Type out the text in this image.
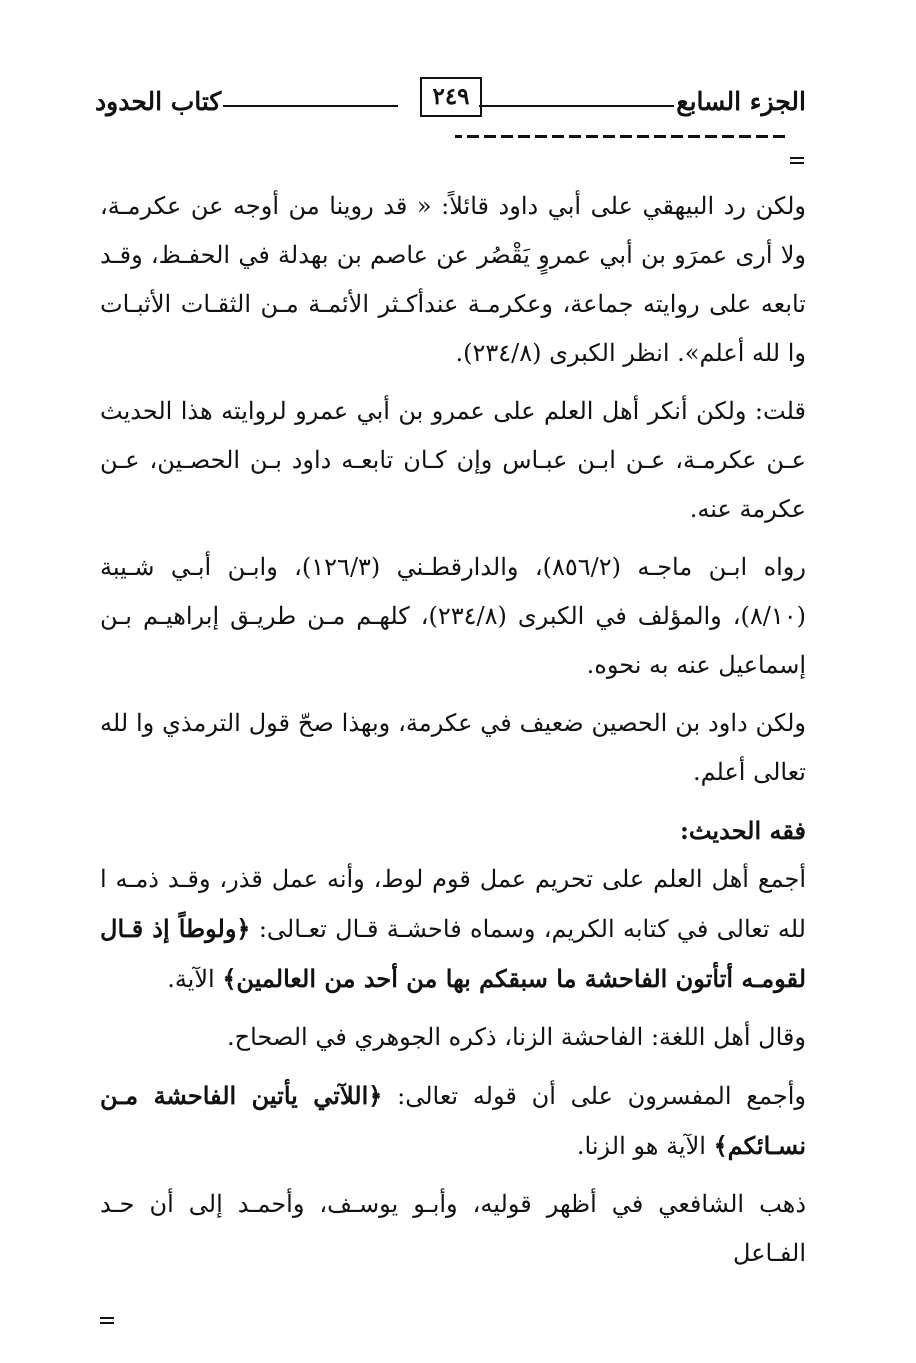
الجزء السابع
٢٤٩
كتاب الحدود

ولكن رد البيهقي على أبي داود قائلاً: « قد روينا من أوجه عن عكرمـة، ولا أرى عمرَو بن أبي عمروٍ يَقْصُر عن عاصم بن بهدلة في الحفـظ، وقـد تابعه على روايته جماعة، وعكرمـة عندأكـثر الأئمـة مـن الثقـات الأثبـات وا لله أعلم». انظر الكبرى (٢٣٤/٨).

قلت: ولكن أنكر أهل العلم على عمرو بن أبي عمرو لروايته هذا الحديث عـن عكرمـة، عـن ابـن عبـاس وإن كـان تابعـه داود بـن الحصـين، عـن عكرمة عنه.

رواه ابـن ماجـه (٨٥٦/٢)، والدارقطـني (١٢٦/٣)، وابـن أبـي شـيبة (٨/١٠)، والمؤلف في الكبرى (٢٣٤/٨)، كلهـم مـن طريـق إبراهيـم بـن إسماعيل عنه به نحوه.

ولكن داود بن الحصين ضعيف في عكرمة، وبهذا صحّ قول الترمذي وا لله تعالى أعلم.

فقه الحديث:

أجمع أهل العلم على تحريم عمل قوم لوط، وأنه عمل قذر، وقـد ذمـه ا لله تعالى في كتابه الكريم، وسماه فاحشـة قـال تعـالى: ﴿ولوطاً إذ قـال لقومـه أتأتون الفاحشة ما سبقكم بها من أحد من العالمين﴾ الآية.

وقال أهل اللغة: الفاحشة الزنا، ذكره الجوهري في الصحاح.

وأجمع المفسرون على أن قوله تعالى: ﴿اللآتي يأتين الفاحشة مـن نسـائكم﴾ الآية هو الزنا.

ذهب الشافعي في أظهر قوليه، وأبـو يوسـف، وأحمـد إلى أن حـد الفـاعل
